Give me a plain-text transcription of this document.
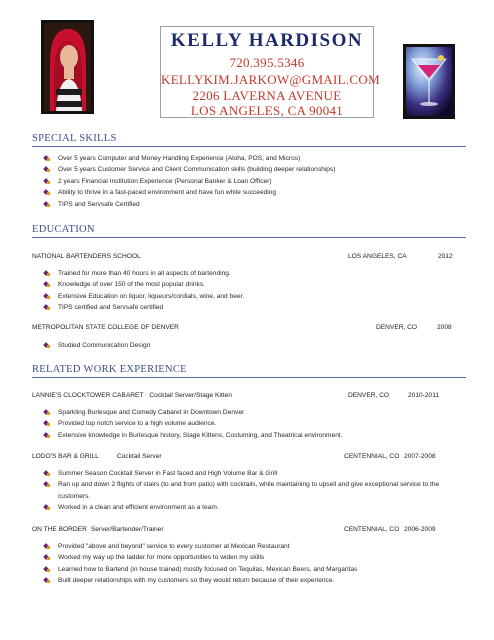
KELLY HARDISON
720.395.5346
KELLYKIM.JARKOW@GMAIL.COM
2206 LAVERNA AVENUE
LOS ANGELES, CA 90041
SPECIAL SKILLS
Over 5 years Computer and Money Handling Experience (Aloha, POS, and Micros)
Over 5 years Customer Service and Client Communication skills (building deeper relationships)
2 years Financial Institution Experience (Personal Banker & Loan Officer)
Ability to thrive in a fast-paced environment and have fun while succeeding
TIPS and Servsafe Certified
EDUCATION
NATIONAL BARTENDERS SCHOOL	LOS ANGELES, CA	2012
Trained for more than 40 hours in all aspects of bartending.
Knowledge of over 150 of the most popular drinks.
Extensive Education on liquor, liqueurs/cordials, wine, and beer.
TIPS certified and Servsafe certified
METROPOLITAN STATE COLLEGE OF DENVER	DENVER, CO	2008
Studied Communication Design
RELATED WORK EXPERIENCE
LANNIE'S CLOCKTOWER CABARET Cocktail Server/Stage Kitten	DENVER, CO	2010-2011
Sparkling Burlesque and Comedy Cabaret in Downtown Denver
Provided top notch service to a high volume audience.
Extensive knowledge in Burlesque history, Stage Kittens, Costuming, and Theatrical environment.
LODO'S BAR & GRILL	Cocktail Server	CENTENNIAL, CO 2007-2008
Summer Season Cocktail Server in Fast faced and High Volume Bar & Grill
Ran up and down 2 flights of stairs (to and from patio) with cocktails, while maintaining to upsell and give exceptional service to the customers.
Worked in a clean and efficient environment as a team.
ON THE BORDER Server/Bartender/Trainer	CENTENNIAL, CO 2006-2009
Provided "above and beyond" service to every customer at Mexican Restaurant
Worked my way up the ladder for more opportunities to widen my skills
Learned how to Bartend (in house trained) mostly focused on Tequilas, Mexican Beers, and Margaritas
Built deeper relationships with my customers so they would return because of their experience.
